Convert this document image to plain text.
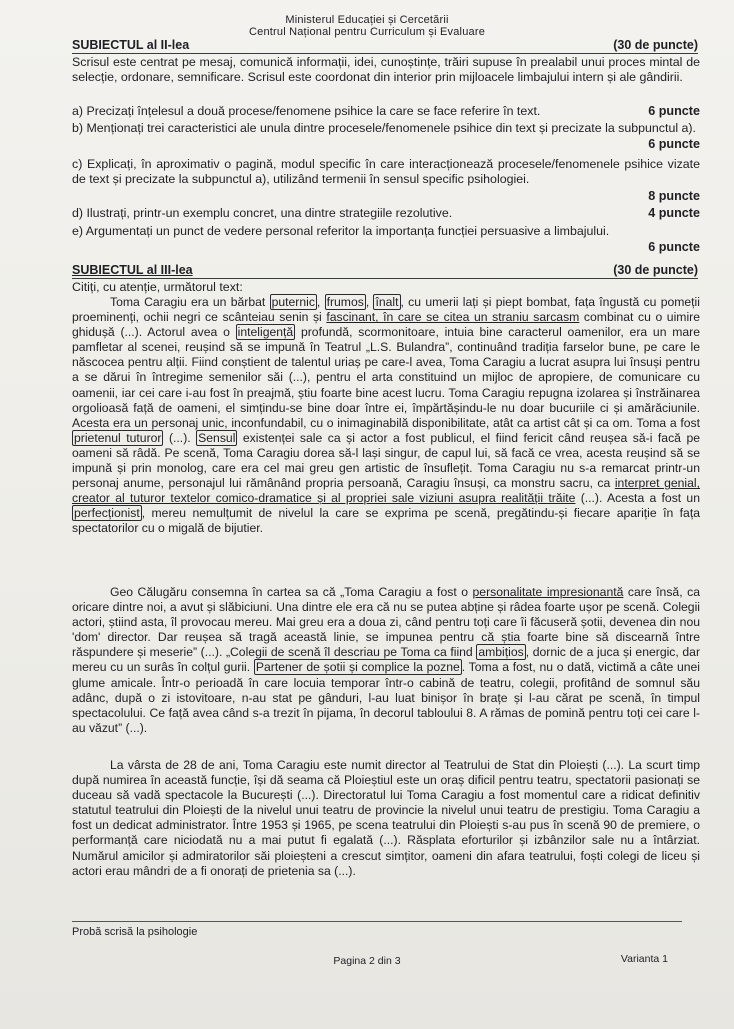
Ministerul Educației și Cercetării
Centrul Național pentru Curriculum și Evaluare
SUBIECTUL al II-lea	(30 de puncte)

Scrisul este centrat pe mesaj, comunică informații, idei, cunoștințe, trăiri supuse în prealabil unui proces mintal de selecție, ordonare, semnificare. Scrisul este coordonat din interior prin mijloacele limbajului intern și ale gândirii.

a) Precizați înțelesul a două procese/fenomene psihice la care se face referire în text.	6 puncte

b) Menționați trei caracteristici ale unula dintre procesele/fenomenele psihice din text și precizate la subpunctul a).

6 puncte

c) Explicați, în aproximativ o pagină, modul specific în care interacționează procesele/fenomenele psihice vizate de text și precizate la subpunctul a), utilizând termenii în sensul specific psihologiei.

8 puncte

d) Ilustrați, printr-un exemplu concret, una dintre strategiile rezolutive.	4 puncte

e) Argumentați un punct de vedere personal referitor la importanța funcției persuasive a limbajului.

6 puncte
SUBIECTUL al III-lea	(30 de puncte)

Citiți, cu atenție, următorul text:

Toma Caragiu era un bărbat puternic , frumos , înalt , cu umerii lați și piept bombat, fața îngustă cu pomeții proeminenți, ochii negri ce scânteiau senin și fascinant, în care se citea un straniu sarcasm combinat cu o uimire ghidușă (...). Actorul avea o inteligență profundă, scormonitoare, intuia bine caracterul oamenilor, era un mare pamfletar al scenei, reușind să se impună în Teatrul „L.S. Bulandra”, continuând tradiția farselor bune, pe care le născocea pentru alții. Fiind conștient de talentul uriaș pe care-l avea, Toma Caragiu a lucrat asupra lui însuși pentru a se dărui în întregime semenilor săi (...), pentru el arta constituind un mijloc de apropiere, de comunicare cu oamenii, iar cei care i-au fost în preajmă, știu foarte bine acest lucru. Toma Caragiu repugna izolarea și înstrăinarea orgolioasă față de oameni, el simțindu-se bine doar între ei, împărtășindu-le nu doar bucuriile ci și amărăciunile. Acesta era un personaj unic, inconfundabil, cu o inimaginabilă disponibilitate, atât ca artist cât și ca om. Toma a fost prietenul tuturor (...). Sensul existenței sale ca și actor a fost publicul, el fiind fericit când reușea să-i facă pe oameni să râdă. Pe scenă, Toma Caragiu dorea să-l lași singur, de capul lui, să facă ce vrea, acesta reușind să se impună și prin monolog, care era cel mai greu gen artistic de însuflețit. Toma Caragiu nu s-a remarcat printr-un personaj anume, personajul lui rămânând propria persoană, Caragiu însuși, ca monstru sacru, ca interpret genial, creator al tuturor textelor comico-dramatice și al propriei sale viziuni asupra realității trăite (...). Acesta a fost un perfecționist , mereu nemulțumit de nivelul la care se exprima pe scenă, pregătindu-și fiecare apariție în fața spectatorilor cu o migală de bijutier.

Geo Călugăru consemna în cartea sa că „Toma Caragiu a fost o personalitate impresionantă care însă, ca oricare dintre noi, a avut și slăbiciuni. Una dintre ele era că nu se putea abține și râdea foarte ușor pe scenă. Colegii actori, știind asta, îl provocau mereu. Mai greu era a doua zi, când pentru toți care îi făcuseră șotii, devenea din nou 'dom' director. Dar reușea să tragă această linie, se impunea pentru că știa foarte bine să discearnă între răspundere și meserie” (...). „Colegii de scenă îl descriau pe Toma ca fiind ambițios , dornic de a juca și energic, dar mereu cu un surâs în colțul gurii. Partener de șotii și complice la pozne . Toma a fost, nu o dată, victimă a câte unei glume amicale. Într-o perioadă în care locuia temporar într-o cabină de teatru, colegii, profitând de somnul său adânc, după o zi istovitoare, n-au stat pe gânduri, l-au luat binișor în brațe și l-au cărat pe scenă, în timpul spectacolului. Ce față avea când s-a trezit în pijama, în decorul tabloului 8. A rămas de pomină pentru toți cei care l-au văzut” (...).

La vârsta de 28 de ani, Toma Caragiu este numit director al Teatrului de Stat din Ploiești (...). La scurt timp după numirea în această funcție, își dă seama că Ploieștiul este un oraș dificil pentru teatru, spectatorii pasionați se duceau să vadă spectacole la București (...). Directoratul lui Toma Caragiu a fost momentul care a ridicat definitiv statutul teatrului din Ploiești de la nivelul unui teatru de provincie la nivelul unui teatru de prestigiu. Toma Caragiu a fost un dedicat administrator. Între 1953 și 1965, pe scena teatrului din Ploiești s-au pus în scenă 90 de premiere, o performanță care niciodată nu a mai putut fi egalată (...). Răsplata eforturilor și izbânzilor sale nu a întârziat. Numărul amicilor și admiratorilor săi ploieșteni a crescut simțitor, oameni din afara teatrului, foști colegi de liceu și actori erau mândri de a fi onorați de prietenia sa (...).

Probă scrisă la psihologie
Pagina 2 din 3	Varianta 1
